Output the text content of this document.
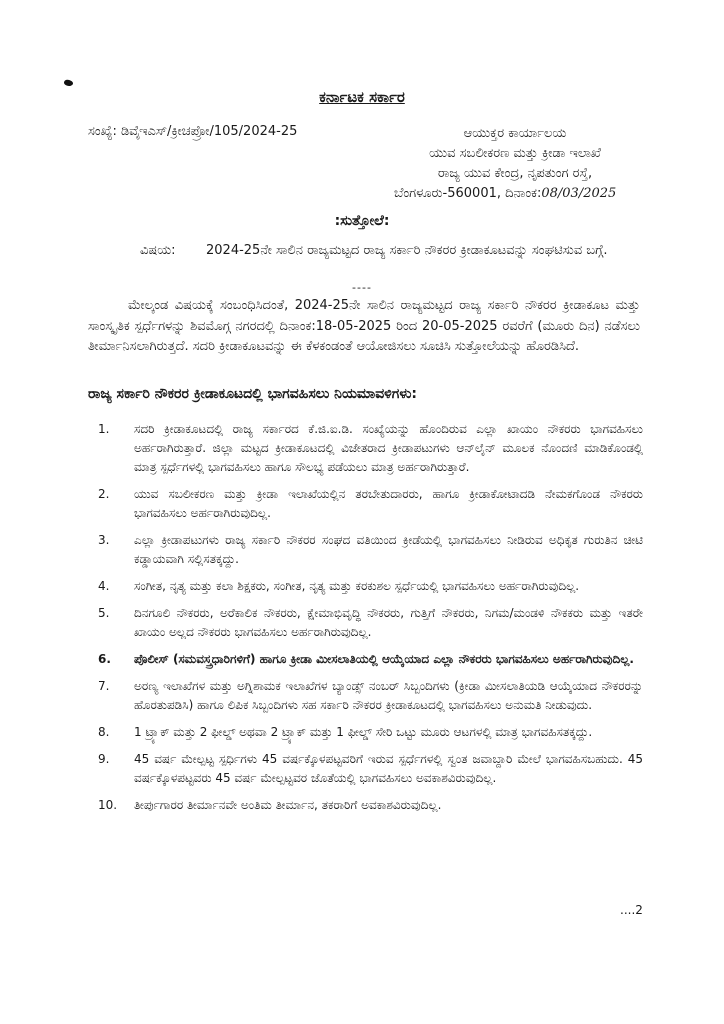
ಕರ್ನಾಟಕ ಸರ್ಕಾರ
ಸಂಖ್ಯೆ: ಡಿವೈಇಎಸ್/ಕ್ರೀಚಪ್ರೋ/105/2024-25	ಆಯುಕ್ತರ ಕಾರ್ಯಾಲಯ
ಯುವ ಸಬಲೀಕರಣ ಮತ್ತು ಕ್ರೀಡಾ ಇಲಾಖೆ
ರಾಜ್ಯ ಯುವ ಕೇಂದ್ರ, ನೃಪತುಂಗ ರಸ್ತೆ,
ಬೆಂಗಳೂರು-560001, ದಿನಾಂಕ:08/03/2025
:ಸುತ್ತೋಲೆ:
ವಿಷಯ: 2024-25ನೇ ಸಾಲಿನ ರಾಜ್ಯಮಟ್ಟದ ರಾಜ್ಯ ಸರ್ಕಾರಿ ನೌಕರರ ಕ್ರೀಡಾಕೂಟವನ್ನು ಸಂಘಟಿಸುವ ಬಗ್ಗೆ.
----
ಮೇಲ್ಕಂಡ ವಿಷಯಕ್ಕೆ ಸಂಬಂಧಿಸಿದಂತೆ, 2024-25ನೇ ಸಾಲಿನ ರಾಜ್ಯಮಟ್ಟದ ರಾಜ್ಯ ಸರ್ಕಾರಿ ನೌಕರರ ಕ್ರೀಡಾಕೂಟ ಮತ್ತು ಸಾಂಸ್ಕೃತಿಕ ಸ್ಪರ್ಧೆಗಳನ್ನು ಶಿವಮೊಗ್ಗ ನಗರದಲ್ಲಿ ದಿನಾಂಕ:18-05-2025 ರಿಂದ 20-05-2025 ರವರೆಗೆ (ಮೂರು ದಿನ) ನಡೆಸಲು ತೀರ್ಮಾನಿಸಲಾಗಿರುತ್ತದೆ. ಸದರಿ ಕ್ರೀಡಾಕೂಟವನ್ನು ಈ ಕೆಳಕಂಡಂತೆ ಆಯೋಜಿಸಲು ಸೂಚಿಸಿ ಸುತ್ತೋಲೆಯನ್ನು ಹೊರಡಿಸಿದೆ.
ರಾಜ್ಯ ಸರ್ಕಾರಿ ನೌಕರರ ಕ್ರೀಡಾಕೂಟದಲ್ಲಿ ಭಾಗವಹಿಸಲು ನಿಯಮಾವಳಿಗಳು:
1. ಸದರಿ ಕ್ರೀಡಾಕೂಟದಲ್ಲಿ ರಾಜ್ಯ ಸರ್ಕಾರದ ಕೆ.ಜಿ.ಐ.ಡಿ. ಸಂಖ್ಯೆಯನ್ನು ಹೊಂದಿರುವ ಎಲ್ಲಾ ಖಾಯಂ ನೌಕರರು ಭಾಗವಹಿಸಲು ಅರ್ಹರಾಗಿರುತ್ತಾರೆ. ಜಿಲ್ಲಾ ಮಟ್ಟದ ಕ್ರೀಡಾಕೂಟದಲ್ಲಿ ವಿಜೇತರಾದ ಕ್ರೀಡಾಪಟುಗಳು ಆನ್‌ಲೈನ್ ಮೂಲಕ ನೊಂದಣಿ ಮಾಡಿಕೊಂಡಲ್ಲಿ ಮಾತ್ರ ಸ್ಪರ್ಧೆಗಳಲ್ಲಿ ಭಾಗವಹಿಸಲು ಹಾಗೂ ಸೌಲಭ್ಯ ಪಡೆಯಲು ಮಾತ್ರ ಅರ್ಹರಾಗಿರುತ್ತಾರೆ.
2. ಯುವ ಸಬಲೀಕರಣ ಮತ್ತು ಕ್ರೀಡಾ ಇಲಾಖೆಯಲ್ಲಿನ ತರಬೇತುದಾರರು, ಹಾಗೂ ಕ್ರೀಡಾಕೋಟಾದಡಿ ನೇಮಕಗೊಂಡ ನೌಕರರು ಭಾಗವಹಿಸಲು ಅರ್ಹರಾಗಿರುವುದಿಲ್ಲ.
3. ಎಲ್ಲಾ ಕ್ರೀಡಾಪಟುಗಳು ರಾಜ್ಯ ಸರ್ಕಾರಿ ನೌಕರರ ಸಂಘದ ವತಿಯಿಂದ ಕ್ರೀಡೆಯಲ್ಲಿ ಭಾಗವಹಿಸಲು ನೀಡಿರುವ ಅಧಿಕೃತ ಗುರುತಿನ ಚೀಟಿ ಕಡ್ಡಾಯವಾಗಿ ಸಲ್ಲಿಸತಕ್ಕದ್ದು.
4. ಸಂಗೀತ, ನೃತ್ಯ ಮತ್ತು ಕಲಾ ಶಿಕ್ಷಕರು, ಸಂಗೀತ, ನೃತ್ಯ ಮತ್ತು ಕರಕುಶಲ ಸ್ಪರ್ಧೆಯಲ್ಲಿ ಭಾಗವಹಿಸಲು ಅರ್ಹರಾಗಿರುವುದಿಲ್ಲ.
5. ದಿನಗೂಲಿ ನೌಕರರು, ಅರೆಕಾಲಿಕ ನೌಕರರು, ಕ್ಷೇಮಾಭಿವೃದ್ಧಿ ನೌಕರರು, ಗುತ್ತಿಗೆ ನೌಕರರು, ನಿಗಮ/ಮಂಡಳಿ ನೌಕಕರು ಮತ್ತು ಇತರೇ ಖಾಯಂ ಅಲ್ಲದ ನೌಕರರು ಭಾಗವಹಿಸಲು ಅರ್ಹರಾಗಿರುವುದಿಲ್ಲ.
6. ಪೊಲೀಸ್ (ಸಮವಸ್ತ್ರಧಾರಿಗಳಿಗೆ) ಹಾಗೂ ಕ್ರೀಡಾ ಮೀಸಲಾತಿಯಲ್ಲಿ ಆಯ್ಕೆಯಾದ ಎಲ್ಲಾ ನೌಕರರು ಭಾಗವಹಿಸಲು ಅರ್ಹರಾಗಿರುವುದಿಲ್ಲ.
7. ಅರಣ್ಯ ಇಲಾಖೆಗಳ ಮತ್ತು ಅಗ್ನಿಶಾಮಕ ಇಲಾಖೆಗಳ ಬ್ಯಾಂಡ್ಸ್ ನಂಬರ್ ಸಿಬ್ಬಂದಿಗಳು (ಕ್ರೀಡಾ ಮೀಸಲಾತಿಯಡಿ ಆಯ್ಕೆಯಾದ ನೌಕರರನ್ನು ಹೊರತುಪಡಿಸಿ) ಹಾಗೂ ಲಿಪಿಕ ಸಿಬ್ಬಂದಿಗಳು ಸಹ ಸರ್ಕಾರಿ ನೌಕರರ ಕ್ರೀಡಾಕೂಟದಲ್ಲಿ ಭಾಗವಹಿಸಲು ಅನುಮತಿ ನೀಡುವುದು.
8. 1 ಟ್ರ್ಯಾಕ್ ಮತ್ತು 2 ಫೀಲ್ಡ್ ಅಥವಾ 2 ಟ್ರ್ಯಾಕ್ ಮತ್ತು 1 ಫೀಲ್ಡ್ ಸೇರಿ ಒಟ್ಟು ಮೂರು ಆಟಗಳಲ್ಲಿ ಮಾತ್ರ ಭಾಗವಹಿಸತಕ್ಕದ್ದು.
9. 45 ವರ್ಷ ಮೇಲ್ಪಟ್ಟ ಸ್ಪರ್ಧಿಗಳು 45 ವರ್ಷಕ್ಕೊಳಪಟ್ಟವರಿಗೆ ಇರುವ ಸ್ಪರ್ಧೆಗಳಲ್ಲಿ ಸ್ವಂತ ಜವಾಬ್ದಾರಿ ಮೇಲೆ ಭಾಗವಹಿಸಬಹುದು. 45 ವರ್ಷಕ್ಕೊಳಪಟ್ಟವರು 45 ವರ್ಷ ಮೇಲ್ಪಟ್ಟವರ ಜೊತೆಯಲ್ಲಿ ಭಾಗವಹಿಸಲು ಅವಕಾಶವಿರುವುದಿಲ್ಲ.
10. ತೀರ್ಪುಗಾರರ ತೀರ್ಮಾನವೇ ಅಂತಿಮ ತೀರ್ಮಾನ, ತಕರಾರಿಗೆ ಅವಕಾಶವಿರುವುದಿಲ್ಲ.
....2
